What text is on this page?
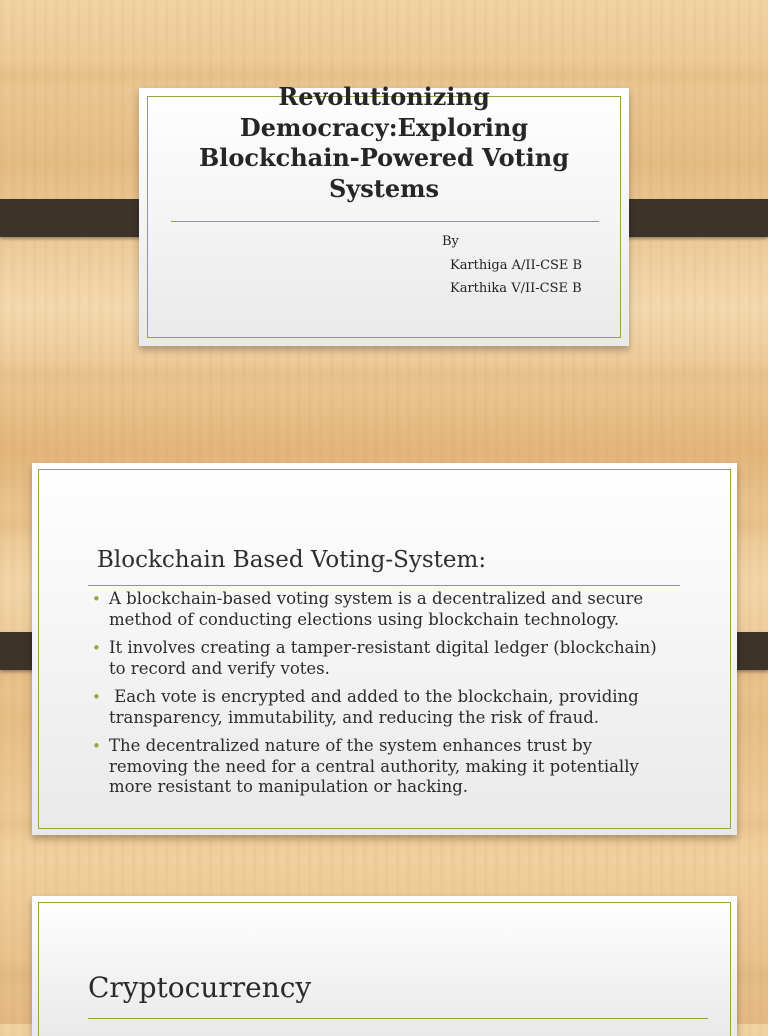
Revolutionizing
Democracy:Exploring
Blockchain-Powered Voting
Systems
By
Karthiga A/II-CSE B
Karthika V/II-CSE B
Blockchain Based Voting-System:
• A blockchain-based voting system is a decentralized and secure
method of conducting elections using blockchain technology.
• It involves creating a tamper-resistant digital ledger (blockchain)
to record and verify votes.
• Each vote is encrypted and added to the blockchain, providing
transparency, immutability, and reducing the risk of fraud.
• The decentralized nature of the system enhances trust by
removing the need for a central authority, making it potentially
more resistant to manipulation or hacking.
Cryptocurrency
